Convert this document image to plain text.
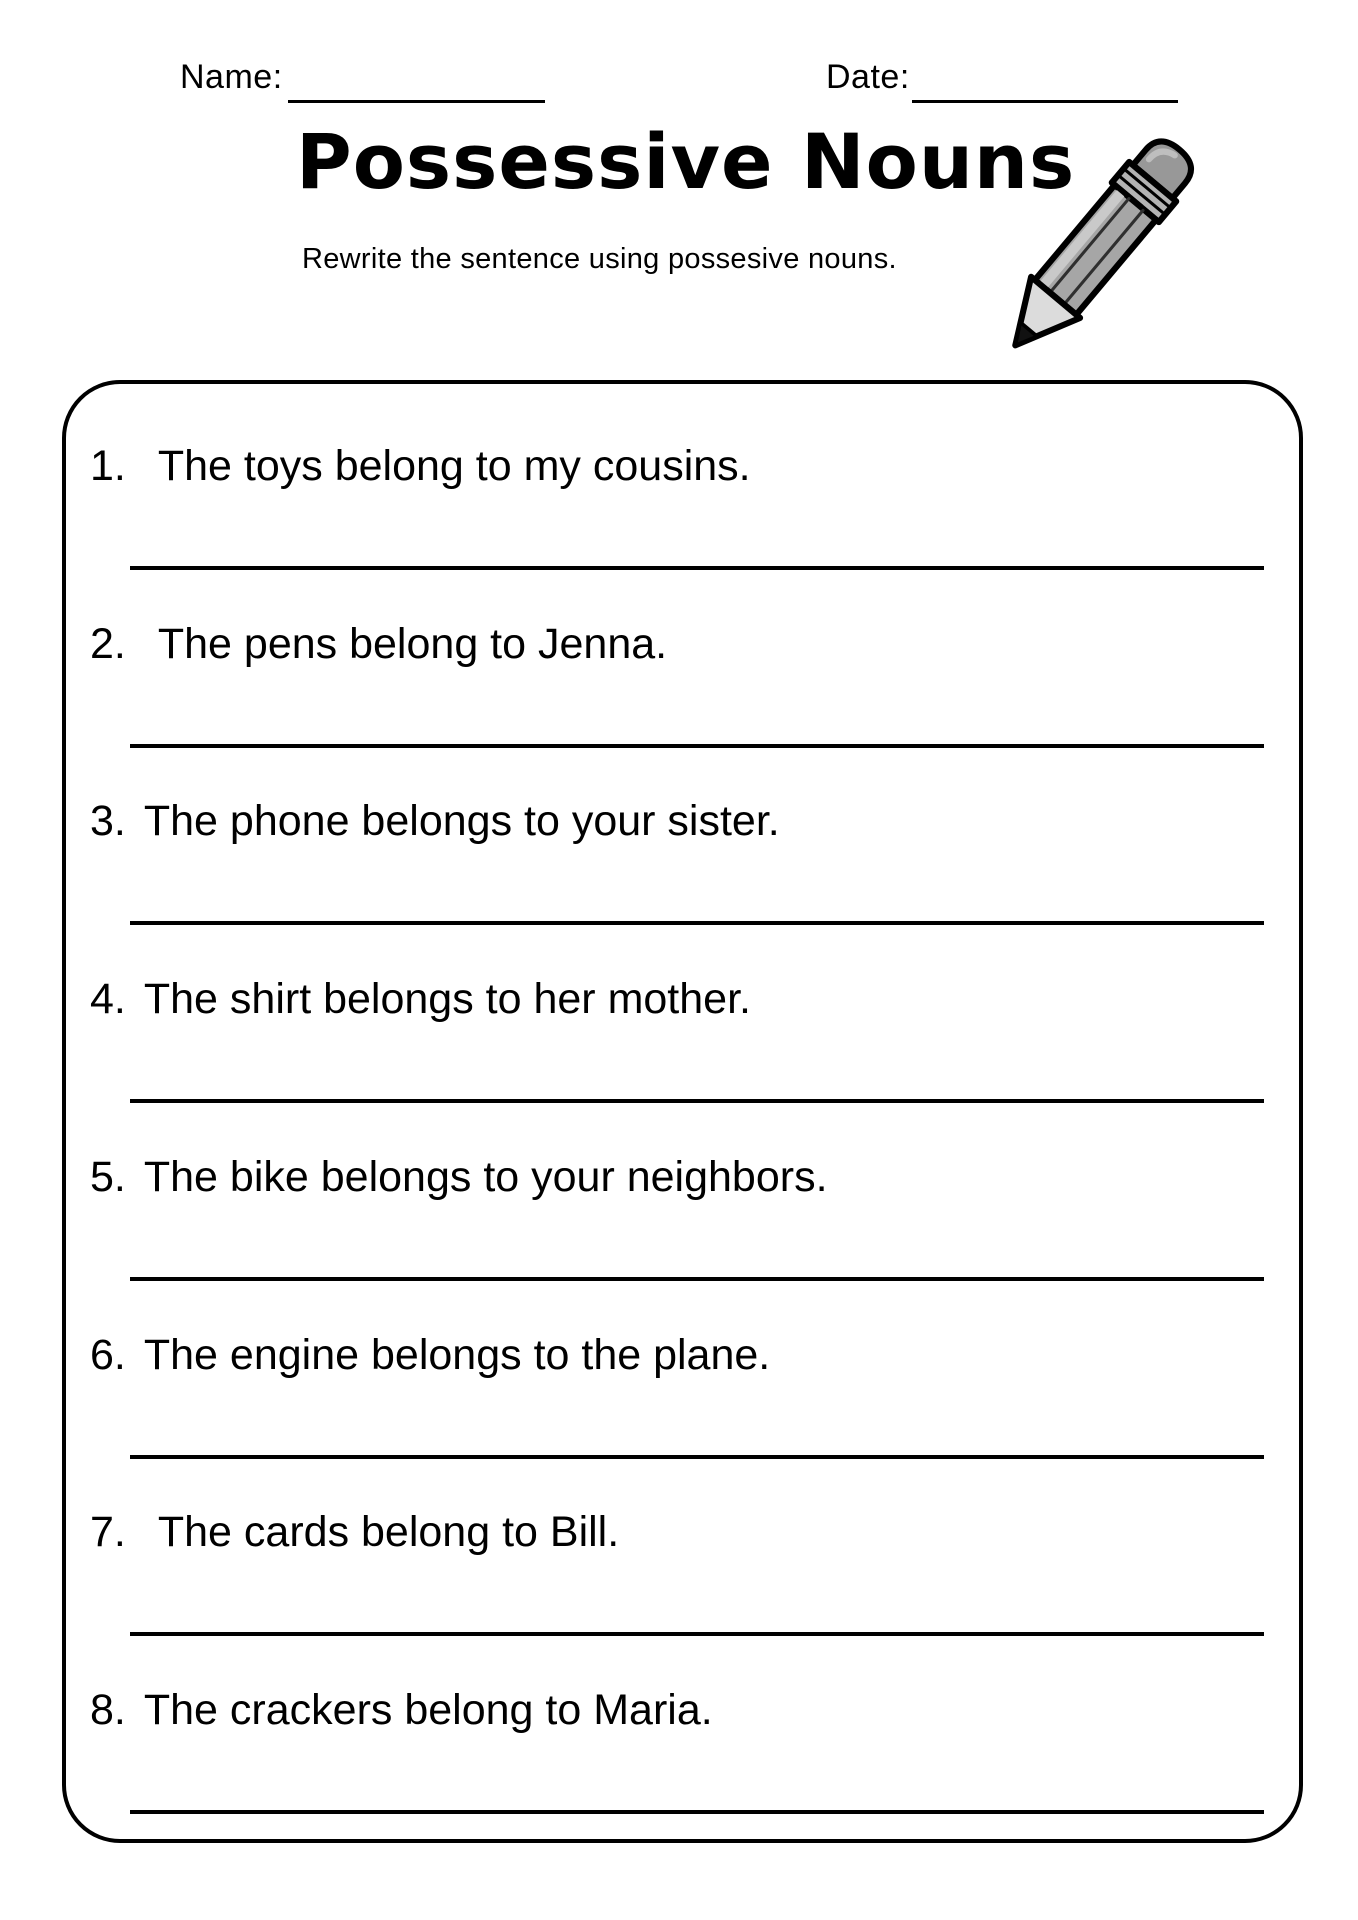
Name:	Date:
Possessive Nouns
Rewrite the sentence using possesive nouns.
1. The toys belong to my cousins.
2. The pens belong to Jenna.
3. The phone belongs to your sister.
4. The shirt belongs to her mother.
5. The bike belongs to your neighbors.
6. The engine belongs to the plane.
7. The cards belong to Bill.
8. The crackers belong to Maria.
